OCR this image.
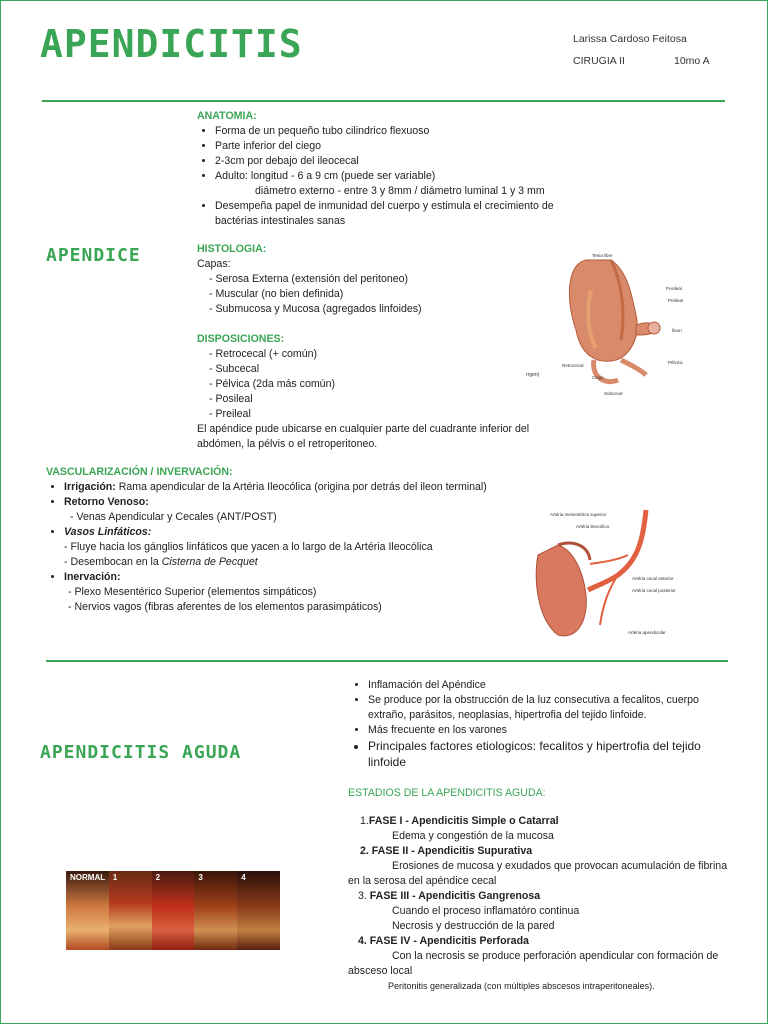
APENDICITIS	Larissa Cardoso Feitosa
CIRUGIA II	10mo A
APENDICE
ANATOMIA:
• Forma de un pequeño tubo cilindrico flexuoso
• Parte inferior del ciego
• 2-3cm por debajo del ileocecal
• Adulto: longitud - 6 a 9 cm (puede ser variable)
diámetro externo - entre 3 y 8mm / diámetro luminal 1 y 3 mm
• Desempeña papel de inmunidad del cuerpo y estimula el crecimiento de bactérias intestinales sanas
HISTOLOGIA:
Capas:
- Serosa Externa (extensión del peritoneo)
- Muscular (no bien definida)
- Submucosa y Mucosa (agregados linfoides)
DISPOSICIONES:
- Retrocecal (+ común)
- Subcecal
- Pélvica (2da más común)
- Posileal
- Preileal
El apéndice pude ubicarse en cualquier parte del cuadrante inferior del abdómen, la pélvis o el retroperitoneo.
Tenia libre
Posileal
Preileal
Íleon
Retrocecal
Ciego
Pélvica
Subcecal
rrgen)
VASCULARIZACIÓN / INVERVACIÓN:
• Irrigación: Rama apendicular de la Artéria Ileocólica (origina por detrás del ileon terminal)
• Retorno Venoso:
- Venas Apendicular y Cecales (ANT/POST)
• Vasos Linfáticos:
- Fluye hacia los gánglios linfáticos que yacen a lo largo de la Artéria Ileocólica
- Desembocan en la Cisterna de Pecquet
• Inervación:
- Plexo Mesentérico Superior (elementos simpáticos)
- Nervios vagos (fibras aferentes de los elementos parasimpáticos)
Artéria mesentérica superior
Artéria ileocólica
Artéria cecal anterior
Artéria cecal posterior
Artéria apendicular
APENDICITIS AGUDA
• Inflamación del Apéndice
• Se produce por la obstrucción de la luz consecutiva a fecalitos, cuerpo extraño, parásitos, neoplasias, hipertrofia del tejido linfoide.
• Más frecuente en los varones
• Principales factores etiologicos: fecalitos y hipertrofia del tejido linfoide
ESTADIOS DE LA APENDICITIS AGUDA:
1.FASE I - Apendicitis Simple o Catarral
Edema y congestión de la mucosa
2. FASE II - Apendicitis Supurativa
Erosiones de mucosa y exudados que provocan acumulación de fibrina en la serosa del apéndice cecal
3. FASE III - Apendicitis Gangrenosa
Cuando el proceso inflamatóro continua
Necrosis y destrucción de la pared
4. FASE IV - Apendicitis Perforada
Con la necrosis se produce perforación apendicular con formación de absceso local
Peritonitis generalizada (con múltiples abscesos intraperitoneales).
NORMAL 1	2	3	4
